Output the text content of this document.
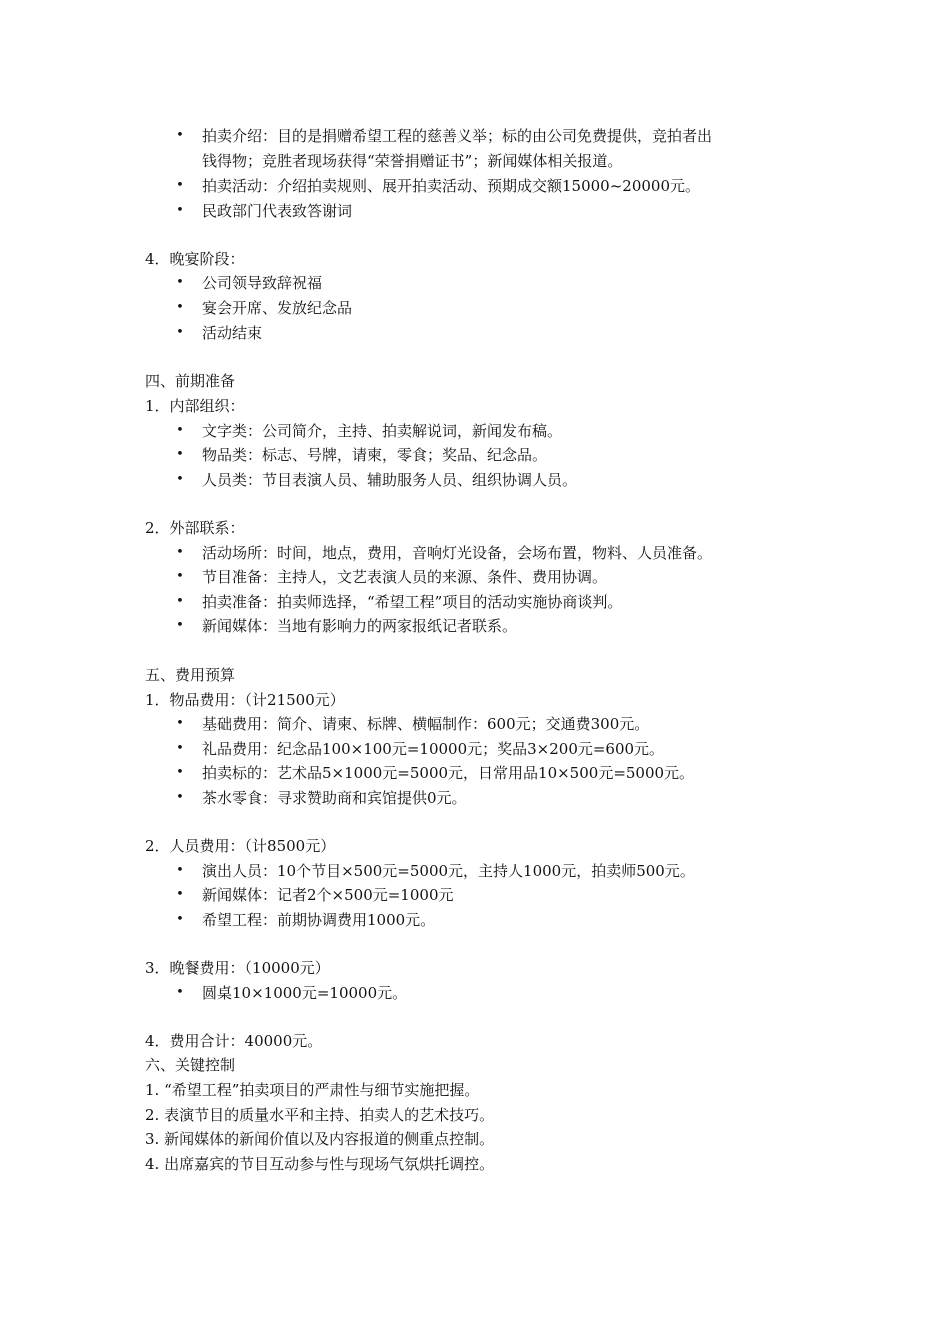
• 拍卖介绍：目的是捐赠希望工程的慈善义举；标的由公司免费提供，竞拍者出
钱得物；竞胜者现场获得“荣誉捐赠证书”；新闻媒体相关报道。
• 拍卖活动：介绍拍卖规则、展开拍卖活动、预期成交额15000~20000元。
• 民政部门代表致答谢词
4．晚宴阶段：
• 公司领导致辞祝福
• 宴会开席、发放纪念品
• 活动结束
四、前期准备
1．内部组织：
• 文字类：公司简介，主持、拍卖解说词，新闻发布稿。
• 物品类：标志、号牌，请柬，零食；奖品、纪念品。
• 人员类：节目表演人员、辅助服务人员、组织协调人员。
2．外部联系：
• 活动场所：时间，地点，费用，音响灯光设备，会场布置，物料、人员准备。
• 节目准备：主持人，文艺表演人员的来源、条件、费用协调。
• 拍卖准备：拍卖师选择，“希望工程”项目的活动实施协商谈判。
• 新闻媒体：当地有影响力的两家报纸记者联系。
五、费用预算
1．物品费用：（计21500元）
• 基础费用：简介、请柬、标牌、横幅制作：600元；交通费300元。
• 礼品费用：纪念品100×100元=10000元；奖品3×200元=600元。
• 拍卖标的：艺术品5×1000元=5000元，日常用品10×500元=5000元。
• 茶水零食：寻求赞助商和宾馆提供0元。
2．人员费用：（计8500元）
• 演出人员：10个节目×500元=5000元，主持人1000元，拍卖师500元。
• 新闻媒体：记者2个×500元=1000元
• 希望工程：前期协调费用1000元。
3．晚餐费用：（10000元）
• 圆桌10×1000元=10000元。
4．费用合计：40000元。
六、关键控制
1. “希望工程”拍卖项目的严肃性与细节实施把握。
2. 表演节目的质量水平和主持、拍卖人的艺术技巧。
3. 新闻媒体的新闻价值以及内容报道的侧重点控制。
4. 出席嘉宾的节目互动参与性与现场气氛烘托调控。
